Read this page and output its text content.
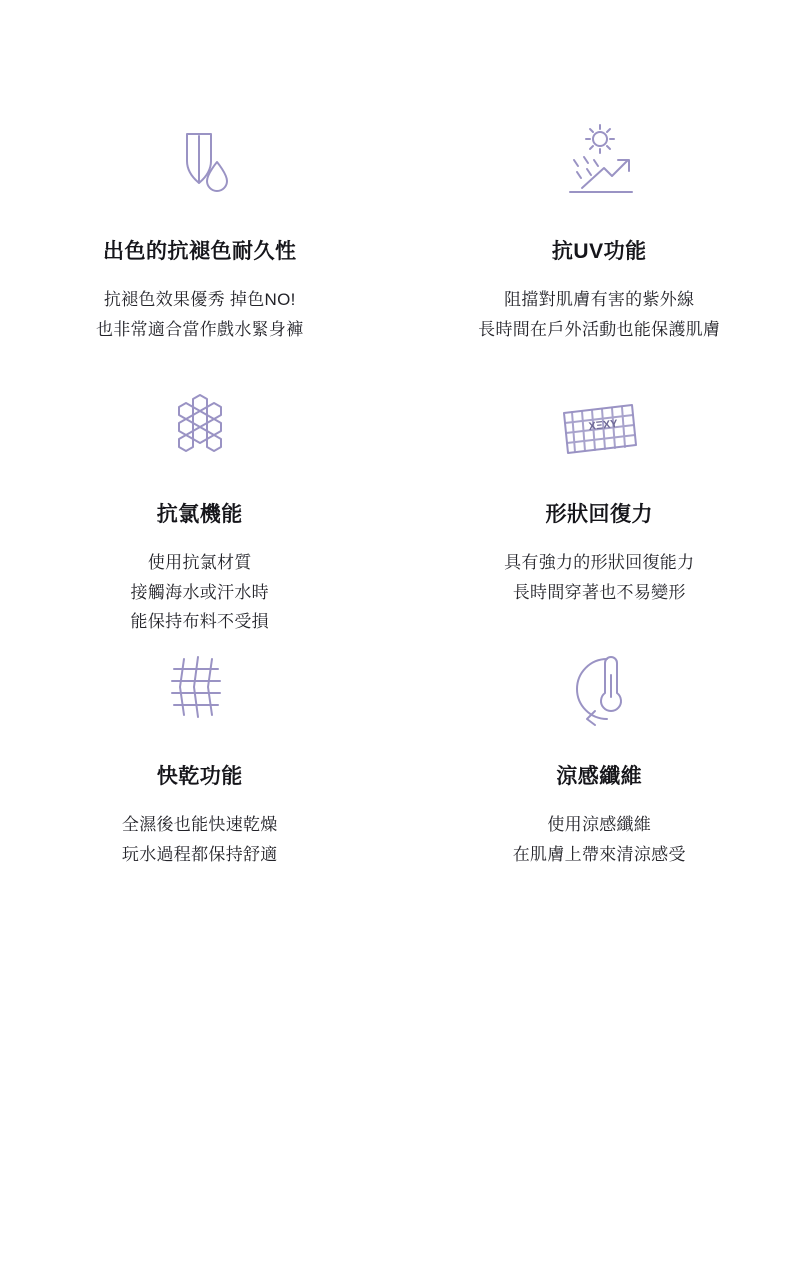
出色的抗褪色耐久性
抗褪色效果優秀 掉色NO!
也非常適合當作戲水緊身褲
抗UV功能
阻擋對肌膚有害的紫外線
長時間在戶外活動也能保護肌膚
抗氯機能
使用抗氯材質
接觸海水或汗水時
能保持布料不受損
XΞXY
形狀回復力
具有強力的形狀回復能力
長時間穿著也不易變形
快乾功能
全濕後也能快速乾燥
玩水過程都保持舒適
涼感纖維
使用涼感纖維
在肌膚上帶來清涼感受
